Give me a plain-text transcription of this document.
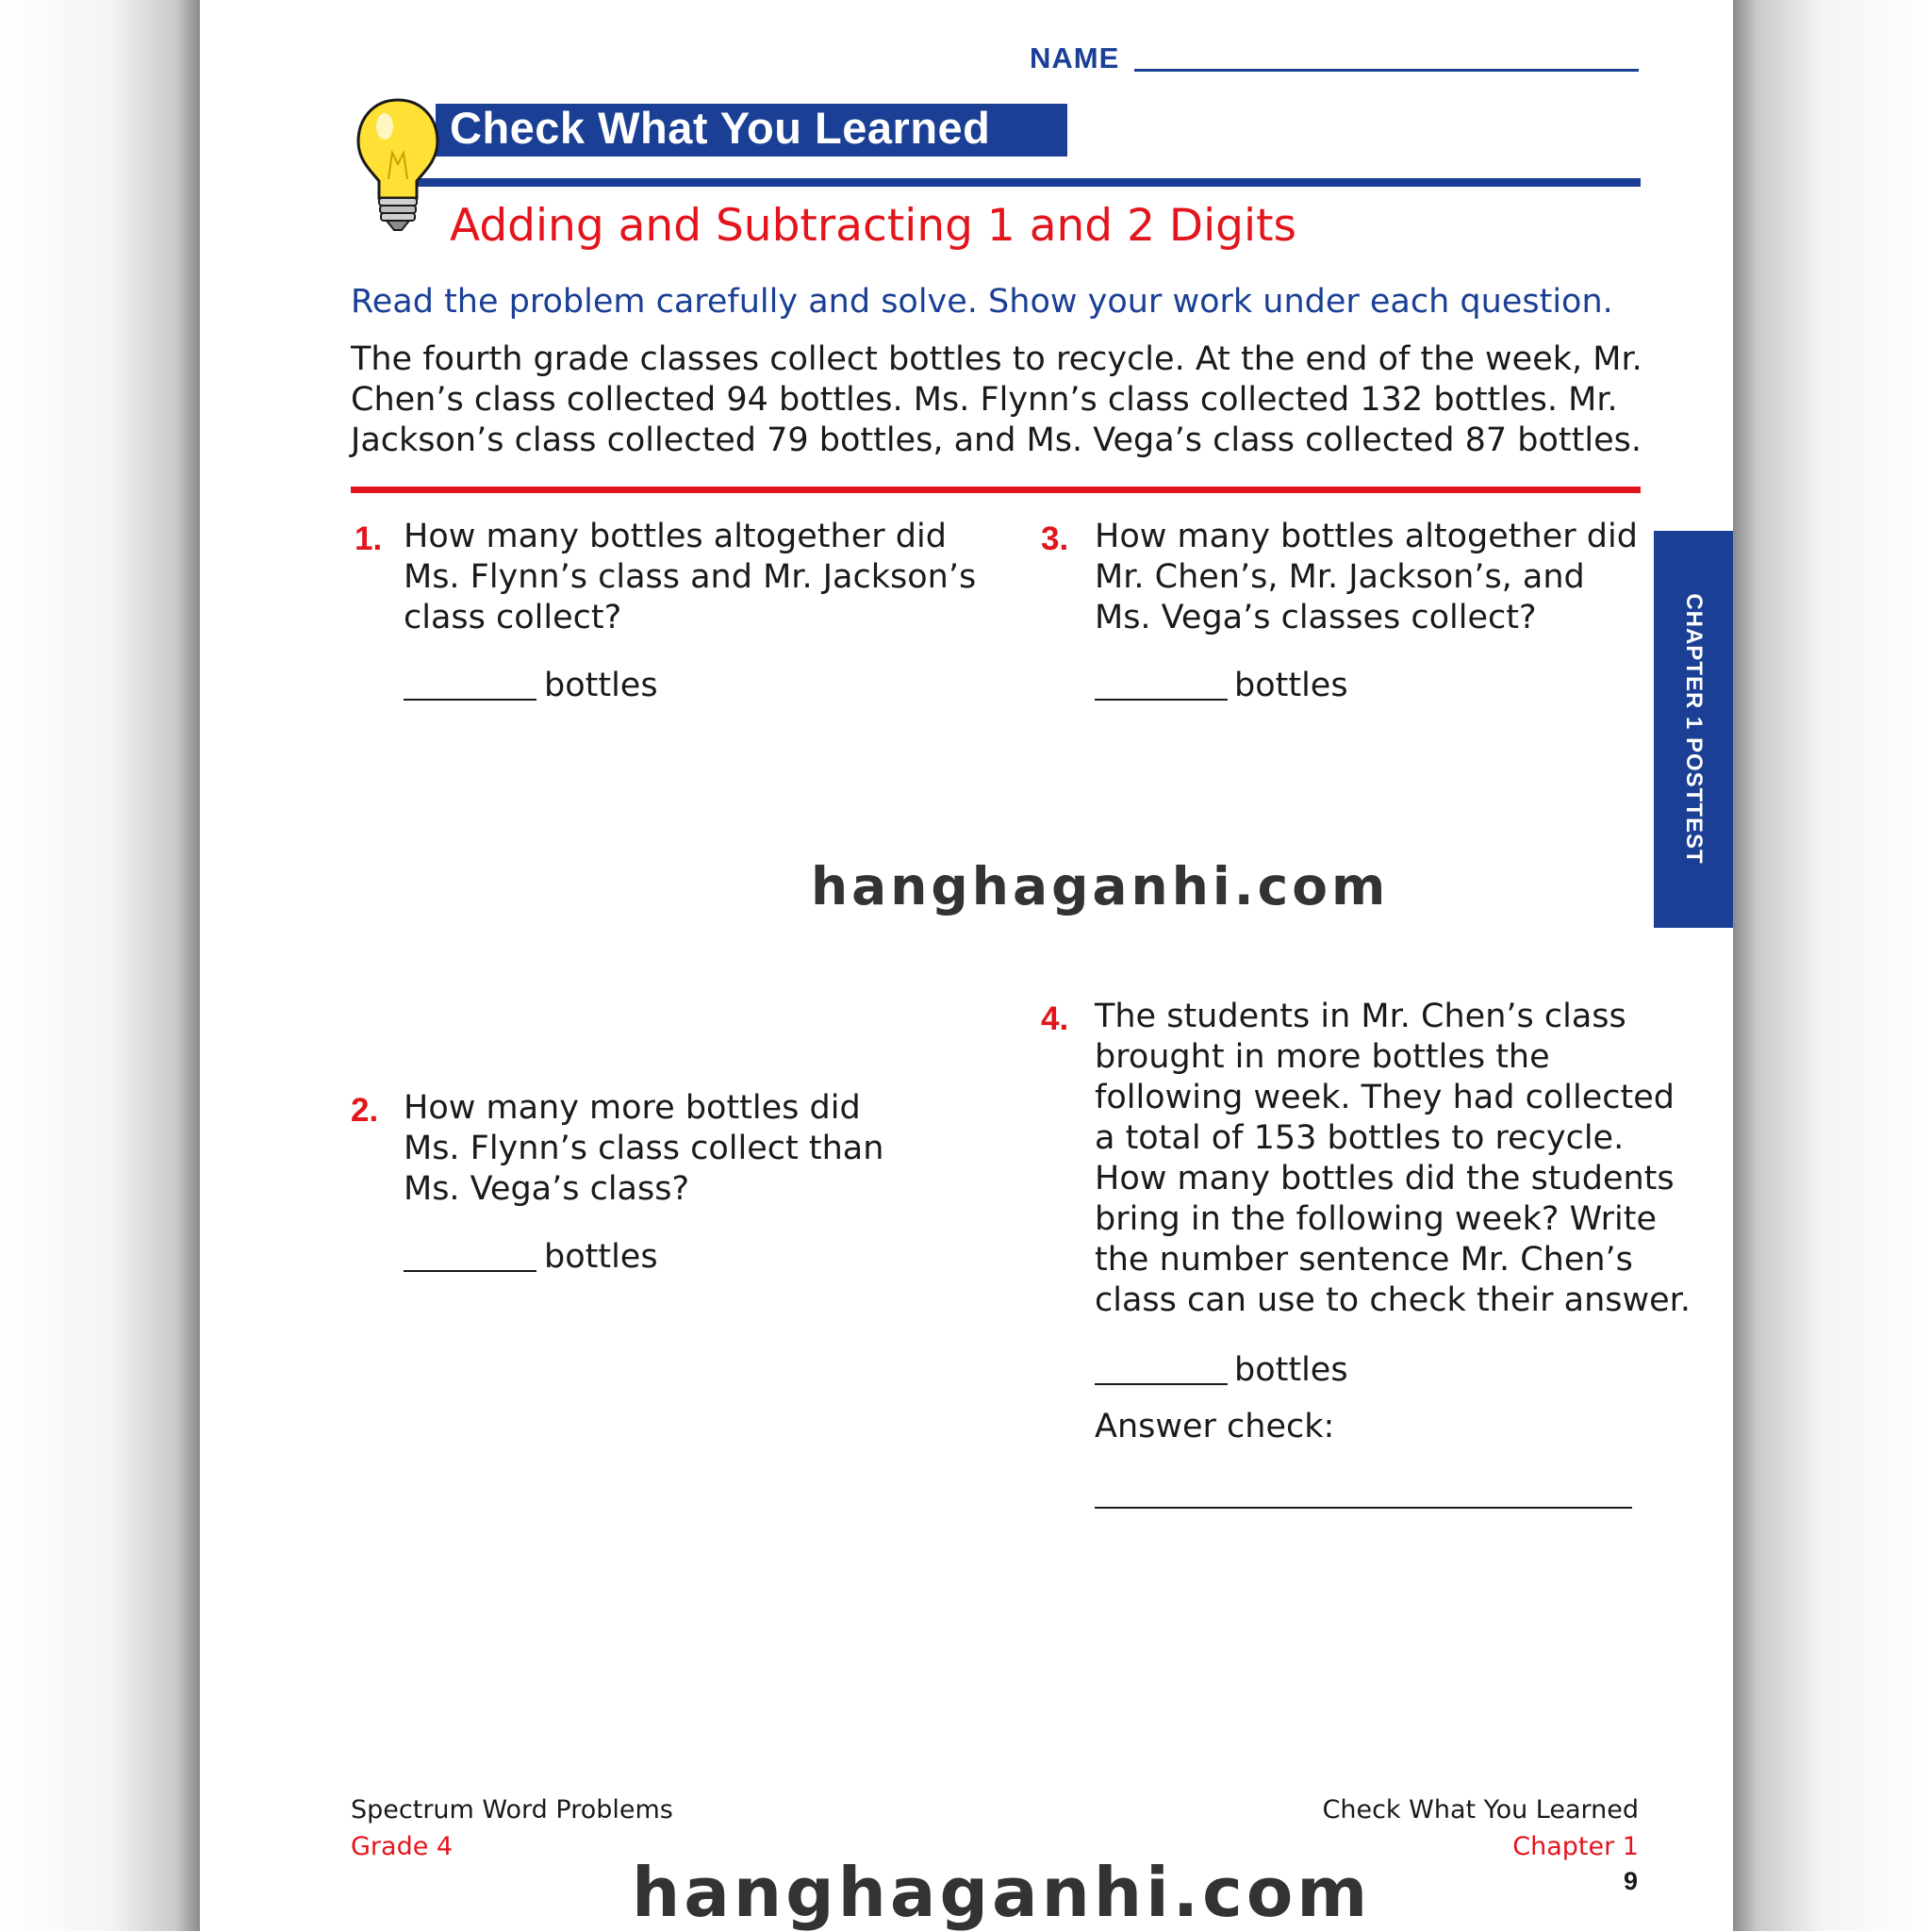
NAME
Check What You Learned
Adding and Subtracting 1 and 2 Digits
Read the problem carefully and solve. Show your work under each question.
The fourth grade classes collect bottles to recycle. At the end of the week, Mr. Chen’s class collected 94 bottles. Ms. Flynn’s class collected 132 bottles. Mr. Jackson’s class collected 79 bottles, and Ms. Vega’s class collected 87 bottles.
1. How many bottles altogether did
Ms. Flynn’s class and Mr. Jackson’s
class collect?
bottles
3. How many bottles altogether did
Mr. Chen’s, Mr. Jackson’s, and
Ms. Vega’s classes collect?
bottles	CHAPTER 1 POSTTEST
hanghaganhi.com
4. The students in Mr. Chen’s class
brought in more bottles the
following week. They had collected
a total of 153 bottles to recycle.
How many bottles did the students
bring in the following week? Write
the number sentence Mr. Chen’s
class can use to check their answer.
bottles
Answer check:
2. How many more bottles did
Ms. Flynn’s class collect than
Ms. Vega’s class?
bottles
Spectrum Word Problems
Grade 4
Check What You Learned
Chapter 1
9
hanghaganhi.com
